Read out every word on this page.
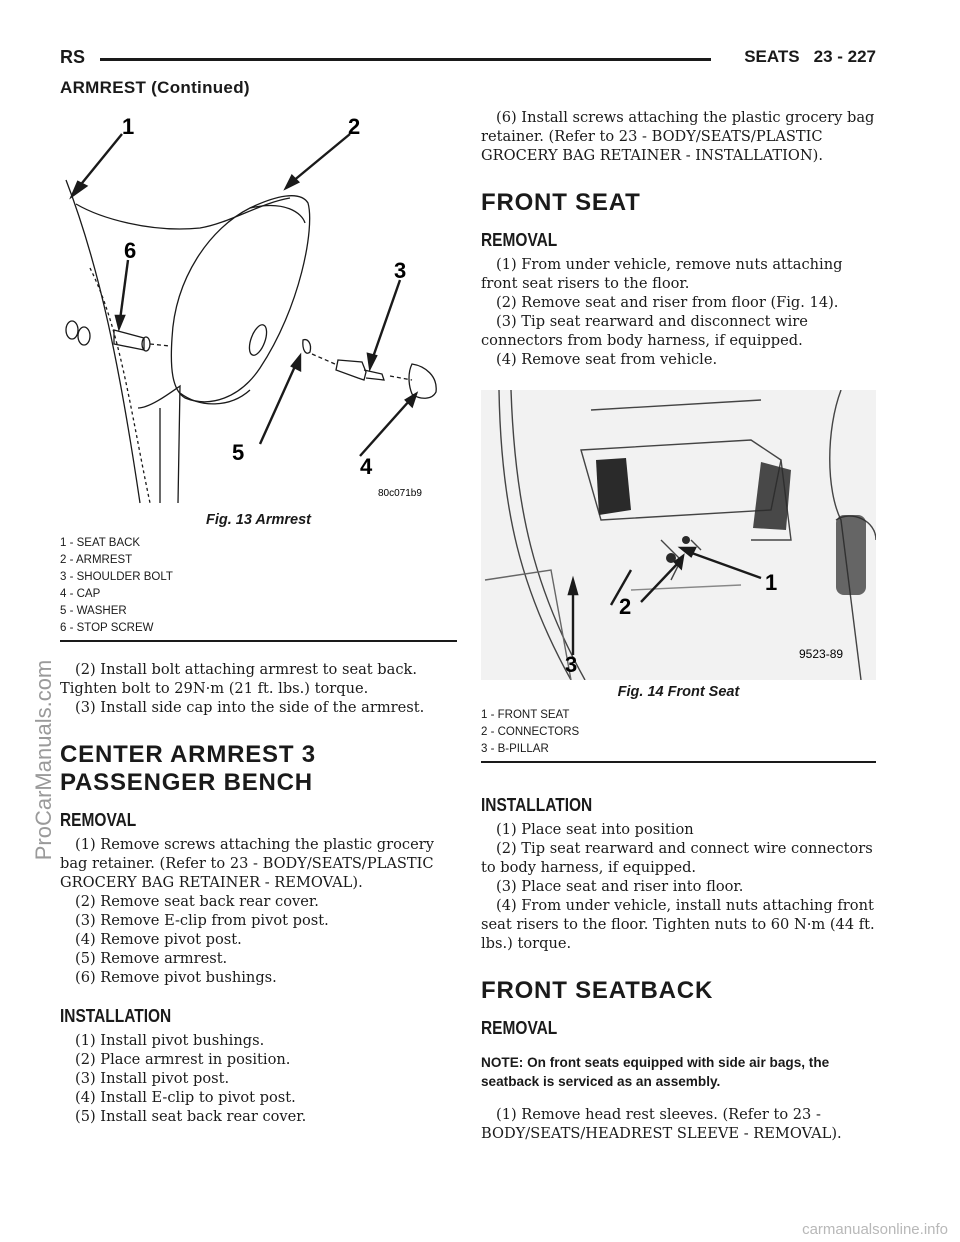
RS	SEATS 23 - 227
ARMREST (Continued)
1	2
6
3
5
4
80c071b9
Fig. 13 Armrest
1 - SEAT BACK
2 - ARMREST
3 - SHOULDER BOLT
4 - CAP
5 - WASHER
6 - STOP SCREW

(2) Install bolt attaching armrest to seat back. Tighten bolt to 29N·m (21 ft. lbs.) torque.

(3) Install side cap into the side of the armrest.

CENTER ARMREST 3
PASSENGER BENCH
REMOVAL

(1) Remove screws attaching the plastic grocery bag retainer. (Refer to 23 - BODY/SEATS/PLASTIC GROCERY BAG RETAINER - REMOVAL).

(2) Remove seat back rear cover.

(3) Remove E-clip from pivot post.

(4) Remove pivot post.

(5) Remove armrest.

(6) Remove pivot bushings.

INSTALLATION

(1) Install pivot bushings.

(2) Place armrest in position.

(3) Install pivot post.

(4) Install E-clip to pivot post.

(5) Install seat back rear cover.

(6) Install screws attaching the plastic grocery bag retainer. (Refer to 23 - BODY/SEATS/PLASTIC GROCERY BAG RETAINER - INSTALLATION).

FRONT SEAT
REMOVAL

(1) From under vehicle, remove nuts attaching front seat risers to the floor.

(2) Remove seat and riser from floor (Fig. 14).

(3) Tip seat rearward and disconnect wire connectors from body harness, if equipped.

(4) Remove seat from vehicle.

1
2
3	9523-89
Fig. 14 Front Seat
1 - FRONT SEAT
2 - CONNECTORS
3 - B-PILLAR
INSTALLATION

(1) Place seat into position

(2) Tip seat rearward and connect wire connectors to body harness, if equipped.

(3) Place seat and riser into floor.

(4) From under vehicle, install nuts attaching front seat risers to the floor. Tighten nuts to 60 N·m (44 ft. lbs.) torque.

FRONT SEATBACK
REMOVAL

NOTE: On front seats equipped with side air bags, the seatback is serviced as an assembly.

(1) Remove head rest sleeves. (Refer to 23 - BODY/SEATS/HEADREST SLEEVE - REMOVAL).

ProCarManuals.com
carmanualsonline.info
